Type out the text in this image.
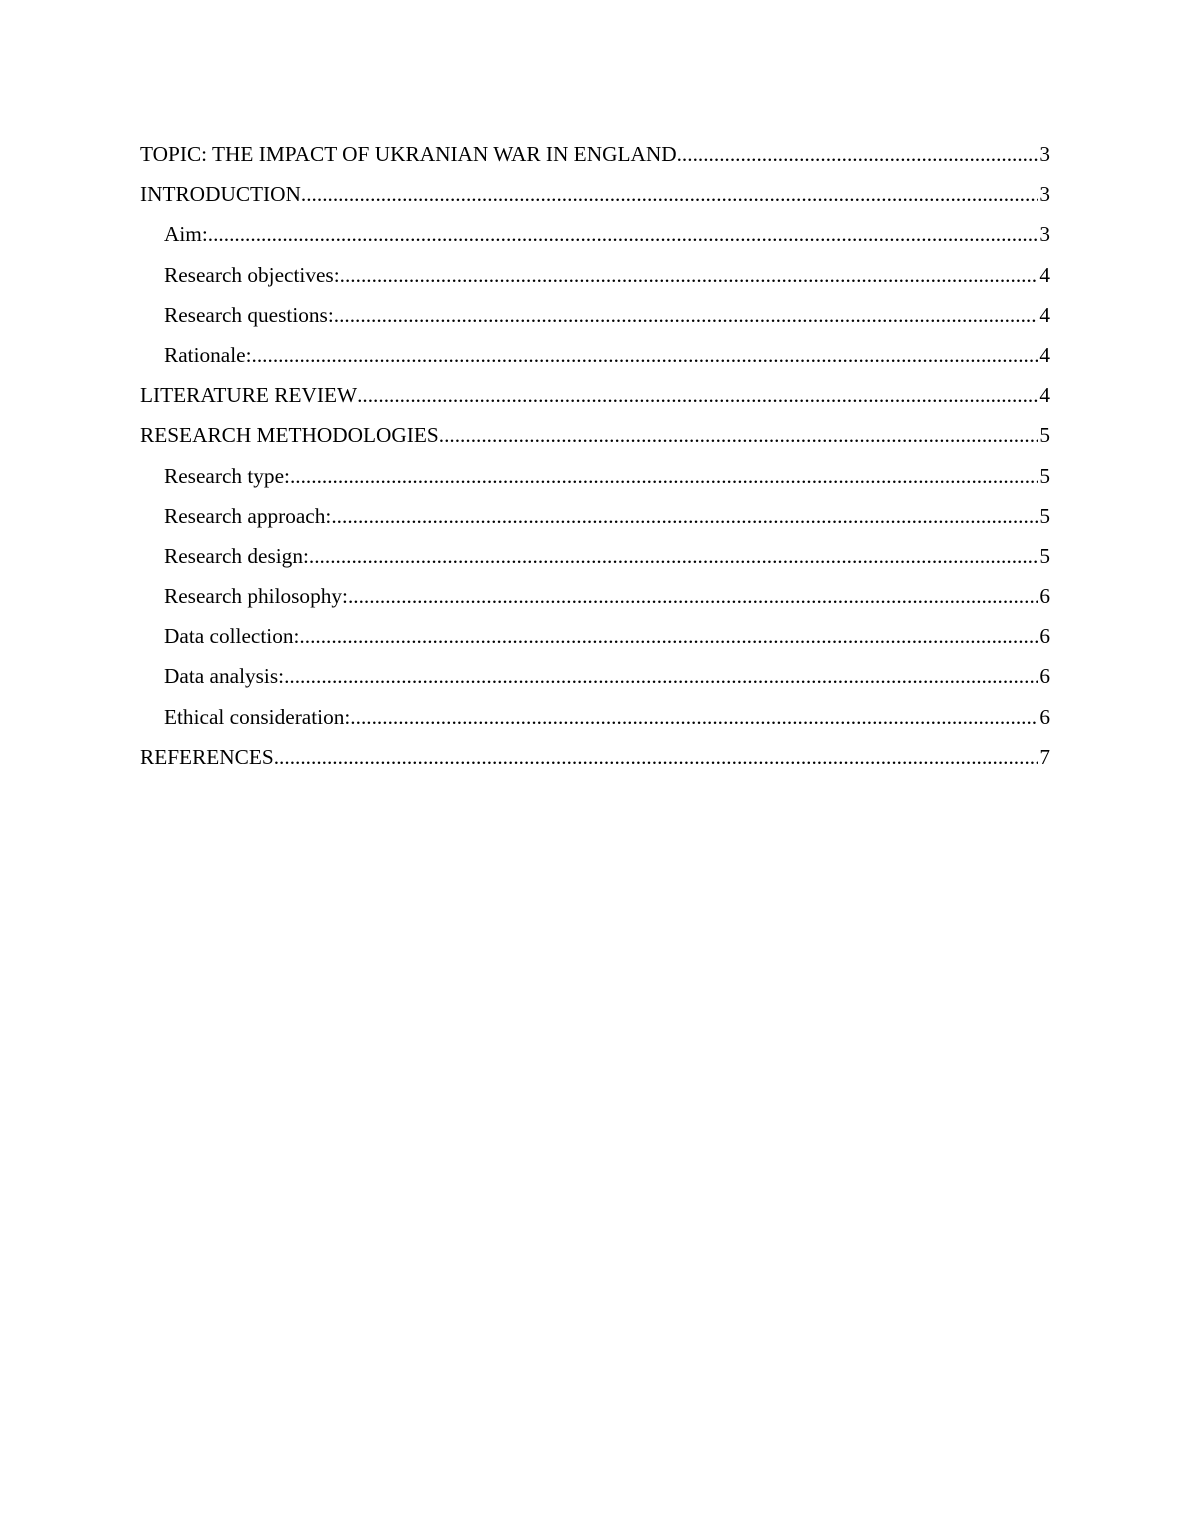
TOPIC: THE IMPACT OF UKRANIAN WAR IN ENGLAND .....	3
INTRODUCTION .....	3
Aim: .....	3
Research objectives: .....	4
Research questions: .....	4
Rationale: .....	4
LITERATURE REVIEW .....	4
RESEARCH METHODOLOGIES .....	5
Research type: .....	5
Research approach: .....	5
Research design: .....	5
Research philosophy: .....	6
Data collection: .....	6
Data analysis: .....	6
Ethical consideration: .....	6
REFERENCES .....	7
